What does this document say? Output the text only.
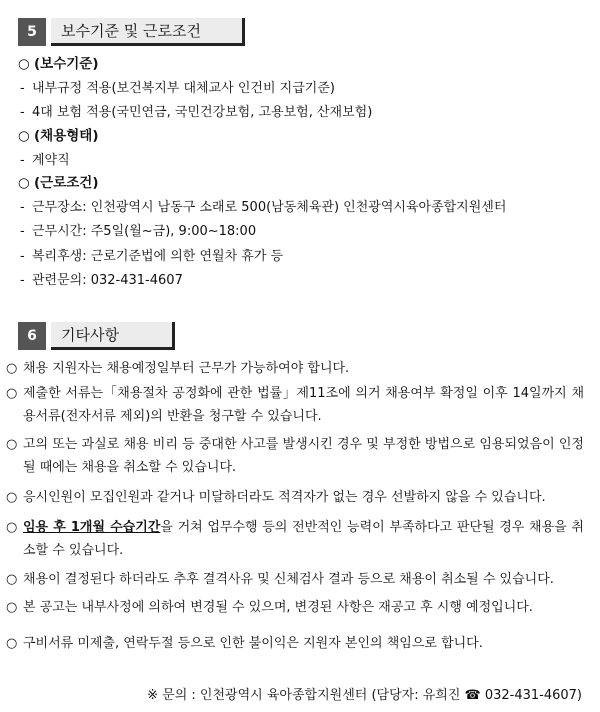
5	보수기준 및 근로조건
○ (보수기준)
- 내부규정 적용(보건복지부 대체교사 인건비 지급기준)
- 4대 보험 적용(국민연금, 국민건강보험, 고용보험, 산재보험)
○ (채용형태)
- 계약직
○ (근로조건)
- 근무장소: 인천광역시 남동구 소래로 500(남동체육관) 인천광역시육아종합지원센터
- 근무시간: 주5일(월~금), 9:00~18:00
- 복리후생: 근로기준법에 의한 연월차 휴가 등
- 관련문의: 032-431-4607
6	기타사항
○ 채용 지원자는 채용예정일부터 근무가 가능하여야 합니다.
○ 제출한 서류는「채용절차 공정화에 관한 법률」제11조에 의거 채용여부 확정일 이후 14일까지 채용서류(전자서류 제외)의 반환을 청구할 수 있습니다.
○ 고의 또는 과실로 채용 비리 등 중대한 사고를 발생시킨 경우 및 부정한 방법으로 임용되었음이 인정될 때에는 채용을 취소할 수 있습니다.
○ 응시인원이 모집인원과 같거나 미달하더라도 적격자가 없는 경우 선발하지 않을 수 있습니다.
○ 임용 후 1개월 수습기간을 거쳐 업무수행 등의 전반적인 능력이 부족하다고 판단될 경우 채용을 취소할 수 있습니다.
○ 채용이 결정된다 하더라도 추후 결격사유 및 신체검사 결과 등으로 채용이 취소될 수 있습니다.
○ 본 공고는 내부사정에 의하여 변경될 수 있으며, 변경된 사항은 재공고 후 시행 예정입니다.
○ 구비서류 미제출, 연락두절 등으로 인한 불이익은 지원자 본인의 책임으로 합니다.
※ 문의 : 인천광역시 육아종합지원센터 (담당자: 유희진 ☎ 032-431-4607)
